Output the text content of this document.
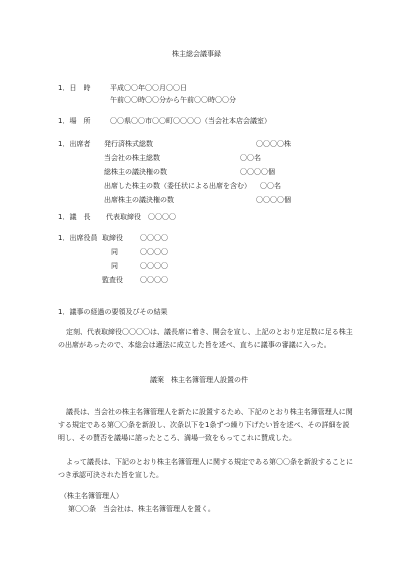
株主総会議事録
1．日　時	平成〇〇年〇〇月〇〇日
午前〇〇時〇〇分から午前〇〇時〇〇分
1．場　所	〇〇県〇〇市〇〇町〇〇〇〇（当会社本店会議室）
1．出席者 発行済株式総数	〇〇〇〇株
当会社の株主総数	〇〇名
総株主の議決権の数	〇〇〇〇個
出席した株主の数（委任状による出席を含む） 〇〇名
出席株主の議決権の数	〇〇〇〇個
1．議　長 代表取締役　〇〇〇〇
1．出席役員 取締役 〇〇〇〇
同	〇〇〇〇
同	〇〇〇〇
監査役 〇〇〇〇
1．議事の経過の要領及びその結果
定刻、代表取締役〇〇〇〇は、議長席に着き、開会を宣し、上記のとおり定足数に足る株主の出席があったので、本総会は適法に成立した旨を述べ、直ちに議事の審議に入った。
議案　株主名簿管理人設置の件
議長は、当会社の株主名簿管理人を新たに設置するため、下記のとおり株主名簿管理人に関する規定である第〇〇条を新設し、次条以下を1条ずつ繰り下げたい旨を述べ、その詳細を説明し、その賛否を議場に諮ったところ、満場一致をもってこれに賛成した。
よって議長は、下記のとおり株主名簿管理人に関する規定である第〇〇条を新設することにつき承認可決された旨を宣した。
（株主名簿管理人）
第〇〇条　当会社は、株主名簿管理人を置く。
